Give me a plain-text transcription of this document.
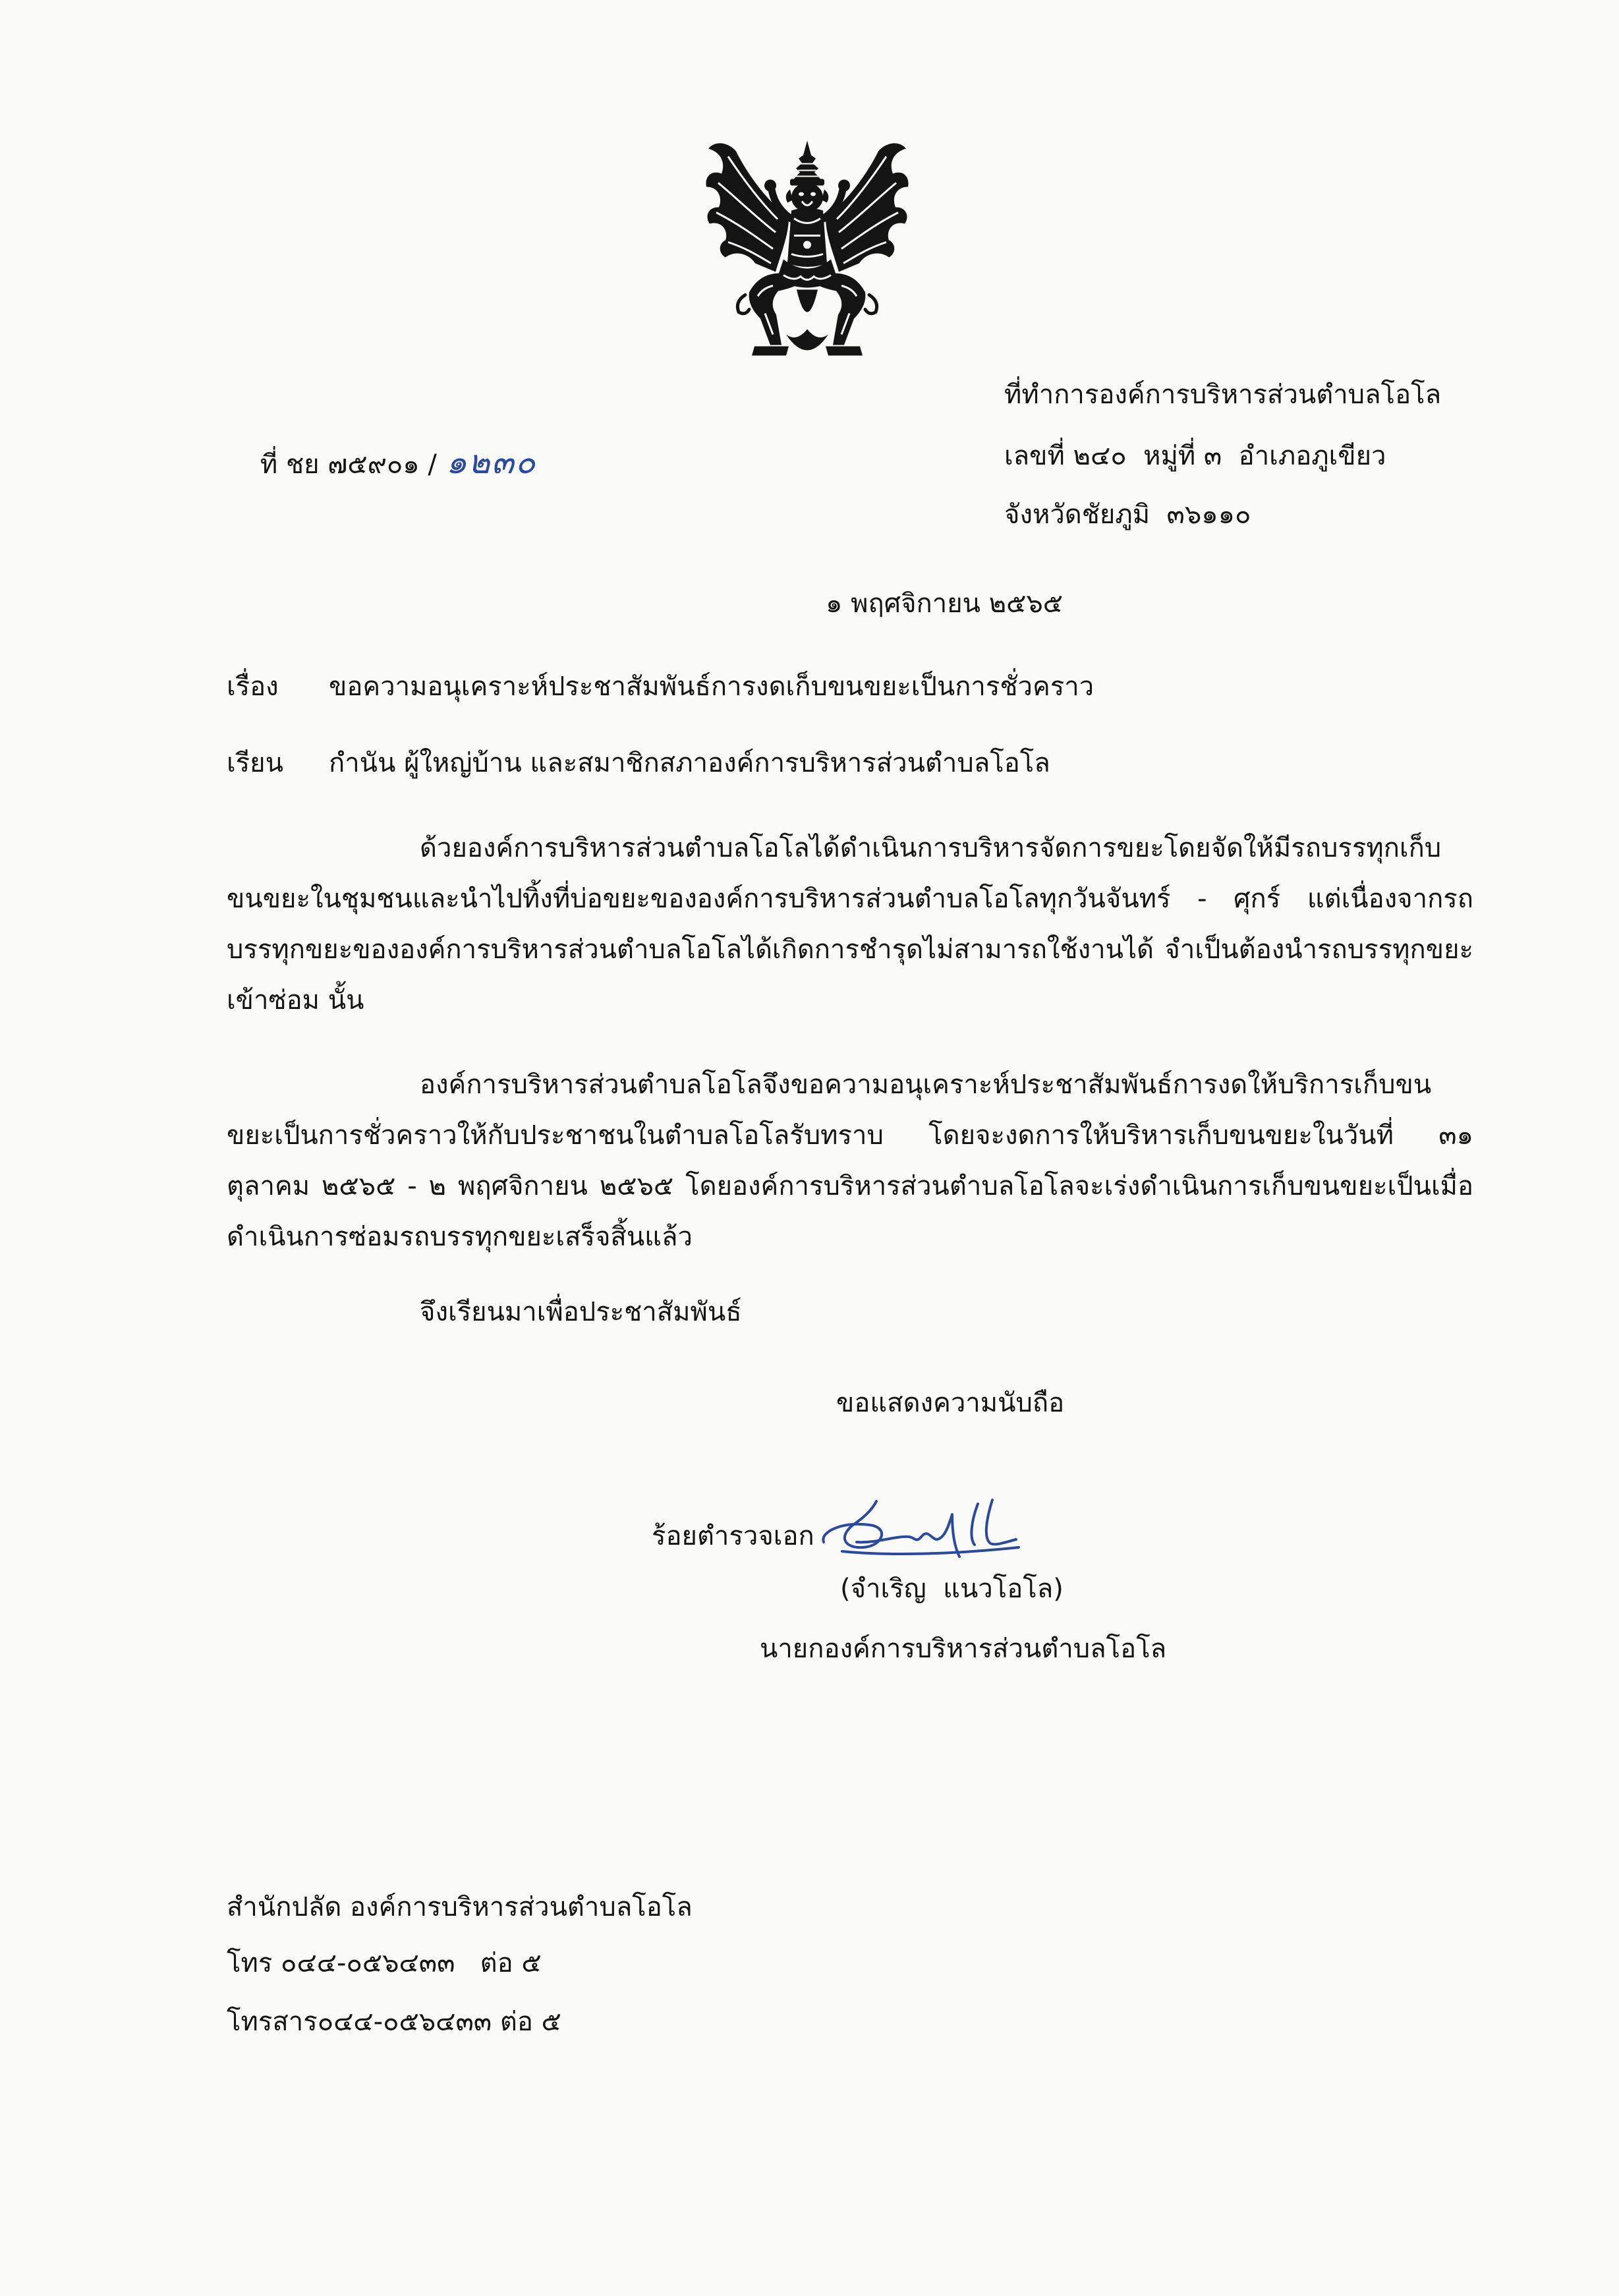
ที่ ชย ๗๕๙๐๑ / ๑๒๓๐

ที่ทำการองค์การบริหารส่วนตำบลโอโล
เลขที่ ๒๔๐  หมู่ที่ ๓  อำเภอภูเขียว
จังหวัดชัยภูมิ  ๓๖๑๑๐
๑ พฤศจิกายน ๒๕๖๕
เรื่อง ขอความอนุเคราะห์ประชาสัมพันธ์การงดเก็บขนขยะเป็นการชั่วคราว
เรียน กำนัน ผู้ใหญ่บ้าน และสมาชิกสภาองค์การบริหารส่วนตำบลโอโล

ด้วยองค์การบริหารส่วนตำบลโอโลได้ดำเนินการบริหารจัดการขยะโดยจัดให้มีรถบรรทุกเก็บขนขยะในชุมชนและนำไปทิ้งที่บ่อขยะขององค์การบริหารส่วนตำบลโอโลทุกวันจันทร์ - ศุกร์ แต่เนื่องจากรถบรรทุกขยะขององค์การบริหารส่วนตำบลโอโลได้เกิดการชำรุดไม่สามารถใช้งานได้ จำเป็นต้องนำรถบรรทุกขยะเข้าซ่อม นั้น

องค์การบริหารส่วนตำบลโอโลจึงขอความอนุเคราะห์ประชาสัมพันธ์การงดให้บริการเก็บขนขยะเป็นการชั่วคราวให้กับประชาชนในตำบลโอโลรับทราบ โดยจะงดการให้บริหารเก็บขนขยะในวันที่ ๓๑ ตุลาคม ๒๕๖๕ - ๒ พฤศจิกายน ๒๕๖๕ โดยองค์การบริหารส่วนตำบลโอโลจะเร่งดำเนินการเก็บขนขยะเป็นเมื่อดำเนินการซ่อมรถบรรทุกขยะเสร็จสิ้นแล้ว

จึงเรียนมาเพื่อประชาสัมพันธ์

ขอแสดงความนับถือ
ร้อยตำรวจเอก
(จำเริญ  แนวโอโล)
นายกองค์การบริหารส่วนตำบลโอโล
สำนักปลัด องค์การบริหารส่วนตำบลโอโล
โทร ๐๔๔-๐๕๖๔๓๓   ต่อ ๕
โทรสาร๐๔๔-๐๕๖๔๓๓ ต่อ ๕
